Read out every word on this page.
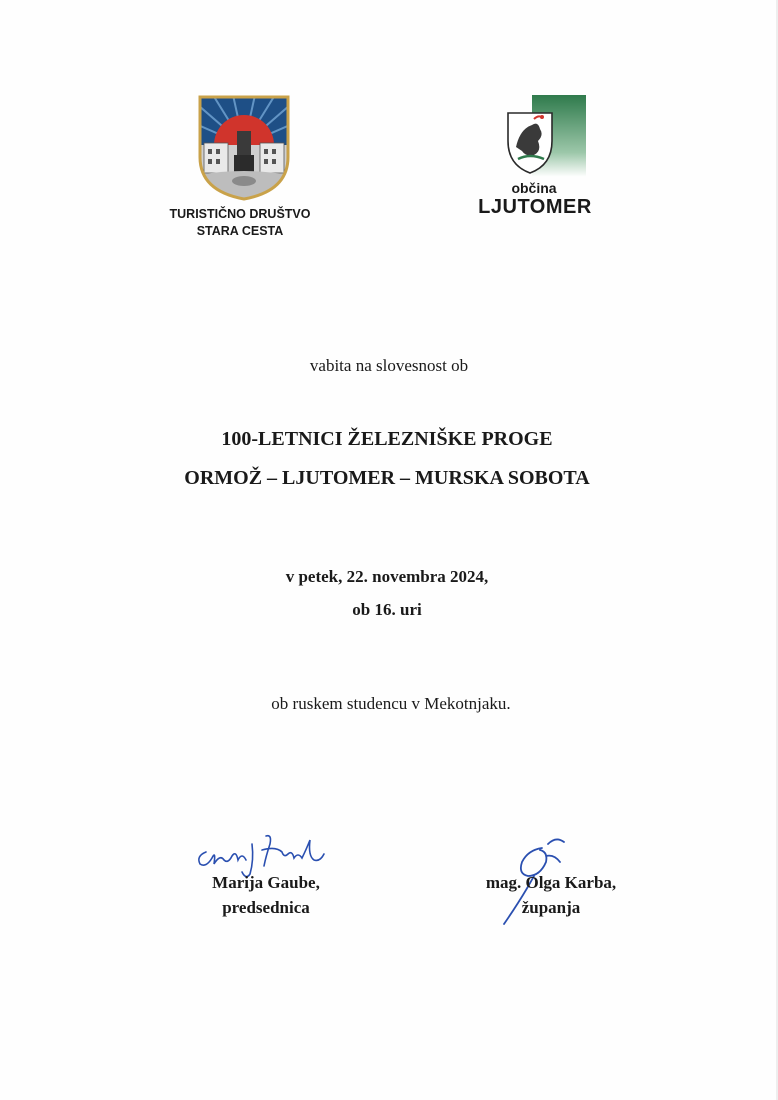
TURISTIČNO DRUŠTVO
STARA CESTA
občina
LJUTOMER
vabita na slovesnost ob
100-LETNICI ŽELEZNIŠKE PROGE
ORMOŽ – LJUTOMER – MURSKA SOBOTA
v petek, 22. novembra 2024,
ob 16. uri
ob ruskem studencu v Mekotnjaku.
Marija Gaube,
predsednica
mag. Olga Karba,
županja
